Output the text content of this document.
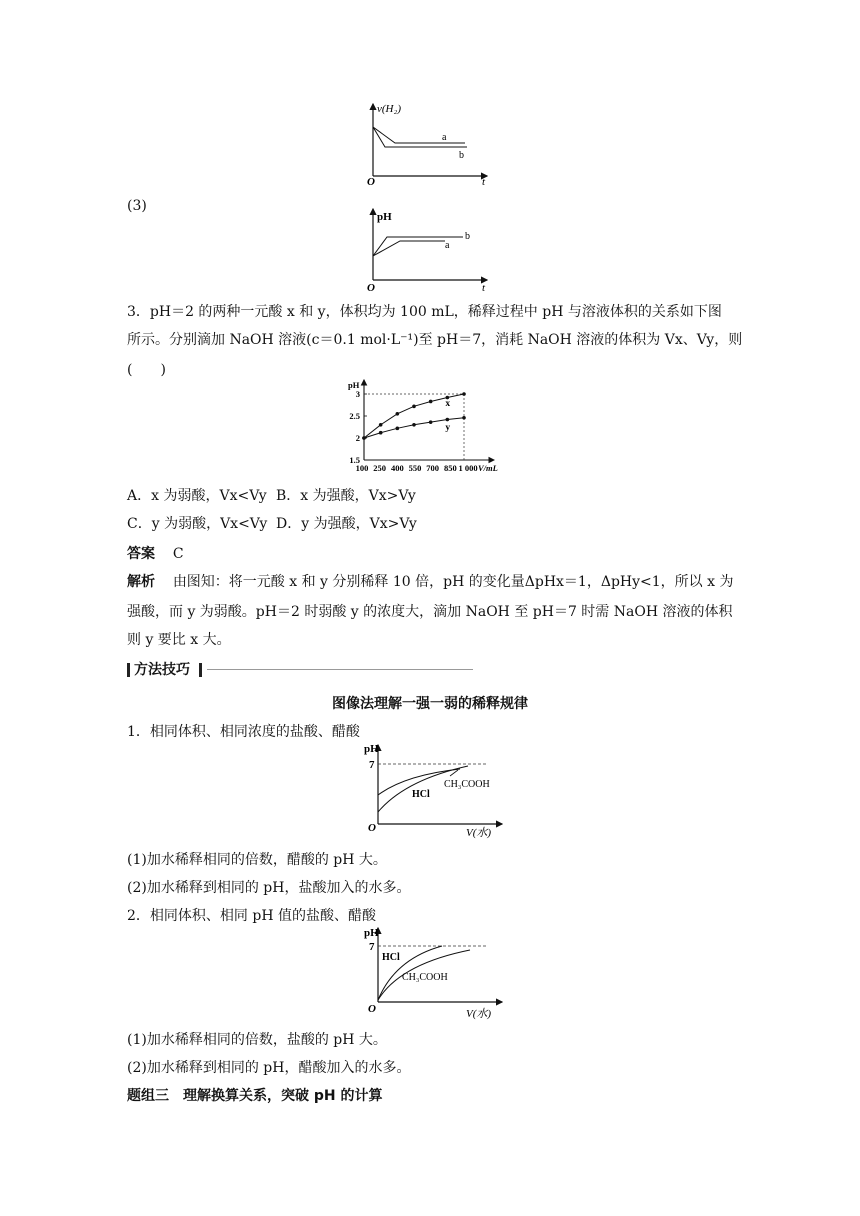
v(H₂)
O	t
a
b
(3)
pH
O	t
b
a
3．pH＝2 的两种一元酸 x 和 y，体积均为 100 mL，稀释过程中 pH 与溶液体积的关系如下图
所示。分别滴加 NaOH 溶液(c＝0.1 mol·L⁻¹)至 pH＝7，消耗 NaOH 溶液的体积为 Vx、Vy，则
(　　)
pH
1.5
2
2.5
3
100 250 400 550 700 850 1 000 V/mL
x
y
A．x 为弱酸，Vx<Vy B．x 为强酸，Vx>Vy
C．y 为弱酸，Vx<Vy D．y 为强酸，Vx>Vy
答案 C
解析 由图知：将一元酸 x 和 y 分别稀释 10 倍，pH 的变化量ΔpHx＝1，ΔpHy<1，所以 x 为
强酸，而 y 为弱酸。pH＝2 时弱酸 y 的浓度大，滴加 NaOH 至 pH＝7 时需 NaOH 溶液的体积
则 y 要比 x 大。
方法技巧
图像法理解一强一弱的稀释规律
1．相同体积、相同浓度的盐酸、醋酸
pH
7
CH₃COOH
HCl
O	V(水)
(1)加水稀释相同的倍数，醋酸的 pH 大。
(2)加水稀释到相同的 pH，盐酸加入的水多。
2．相同体积、相同 pH 值的盐酸、醋酸
pH
7
HCl
CH₃COOH
O	V(水)
(1)加水稀释相同的倍数，盐酸的 pH 大。
(2)加水稀释到相同的 pH，醋酸加入的水多。
题组三　理解换算关系，突破 pH 的计算
